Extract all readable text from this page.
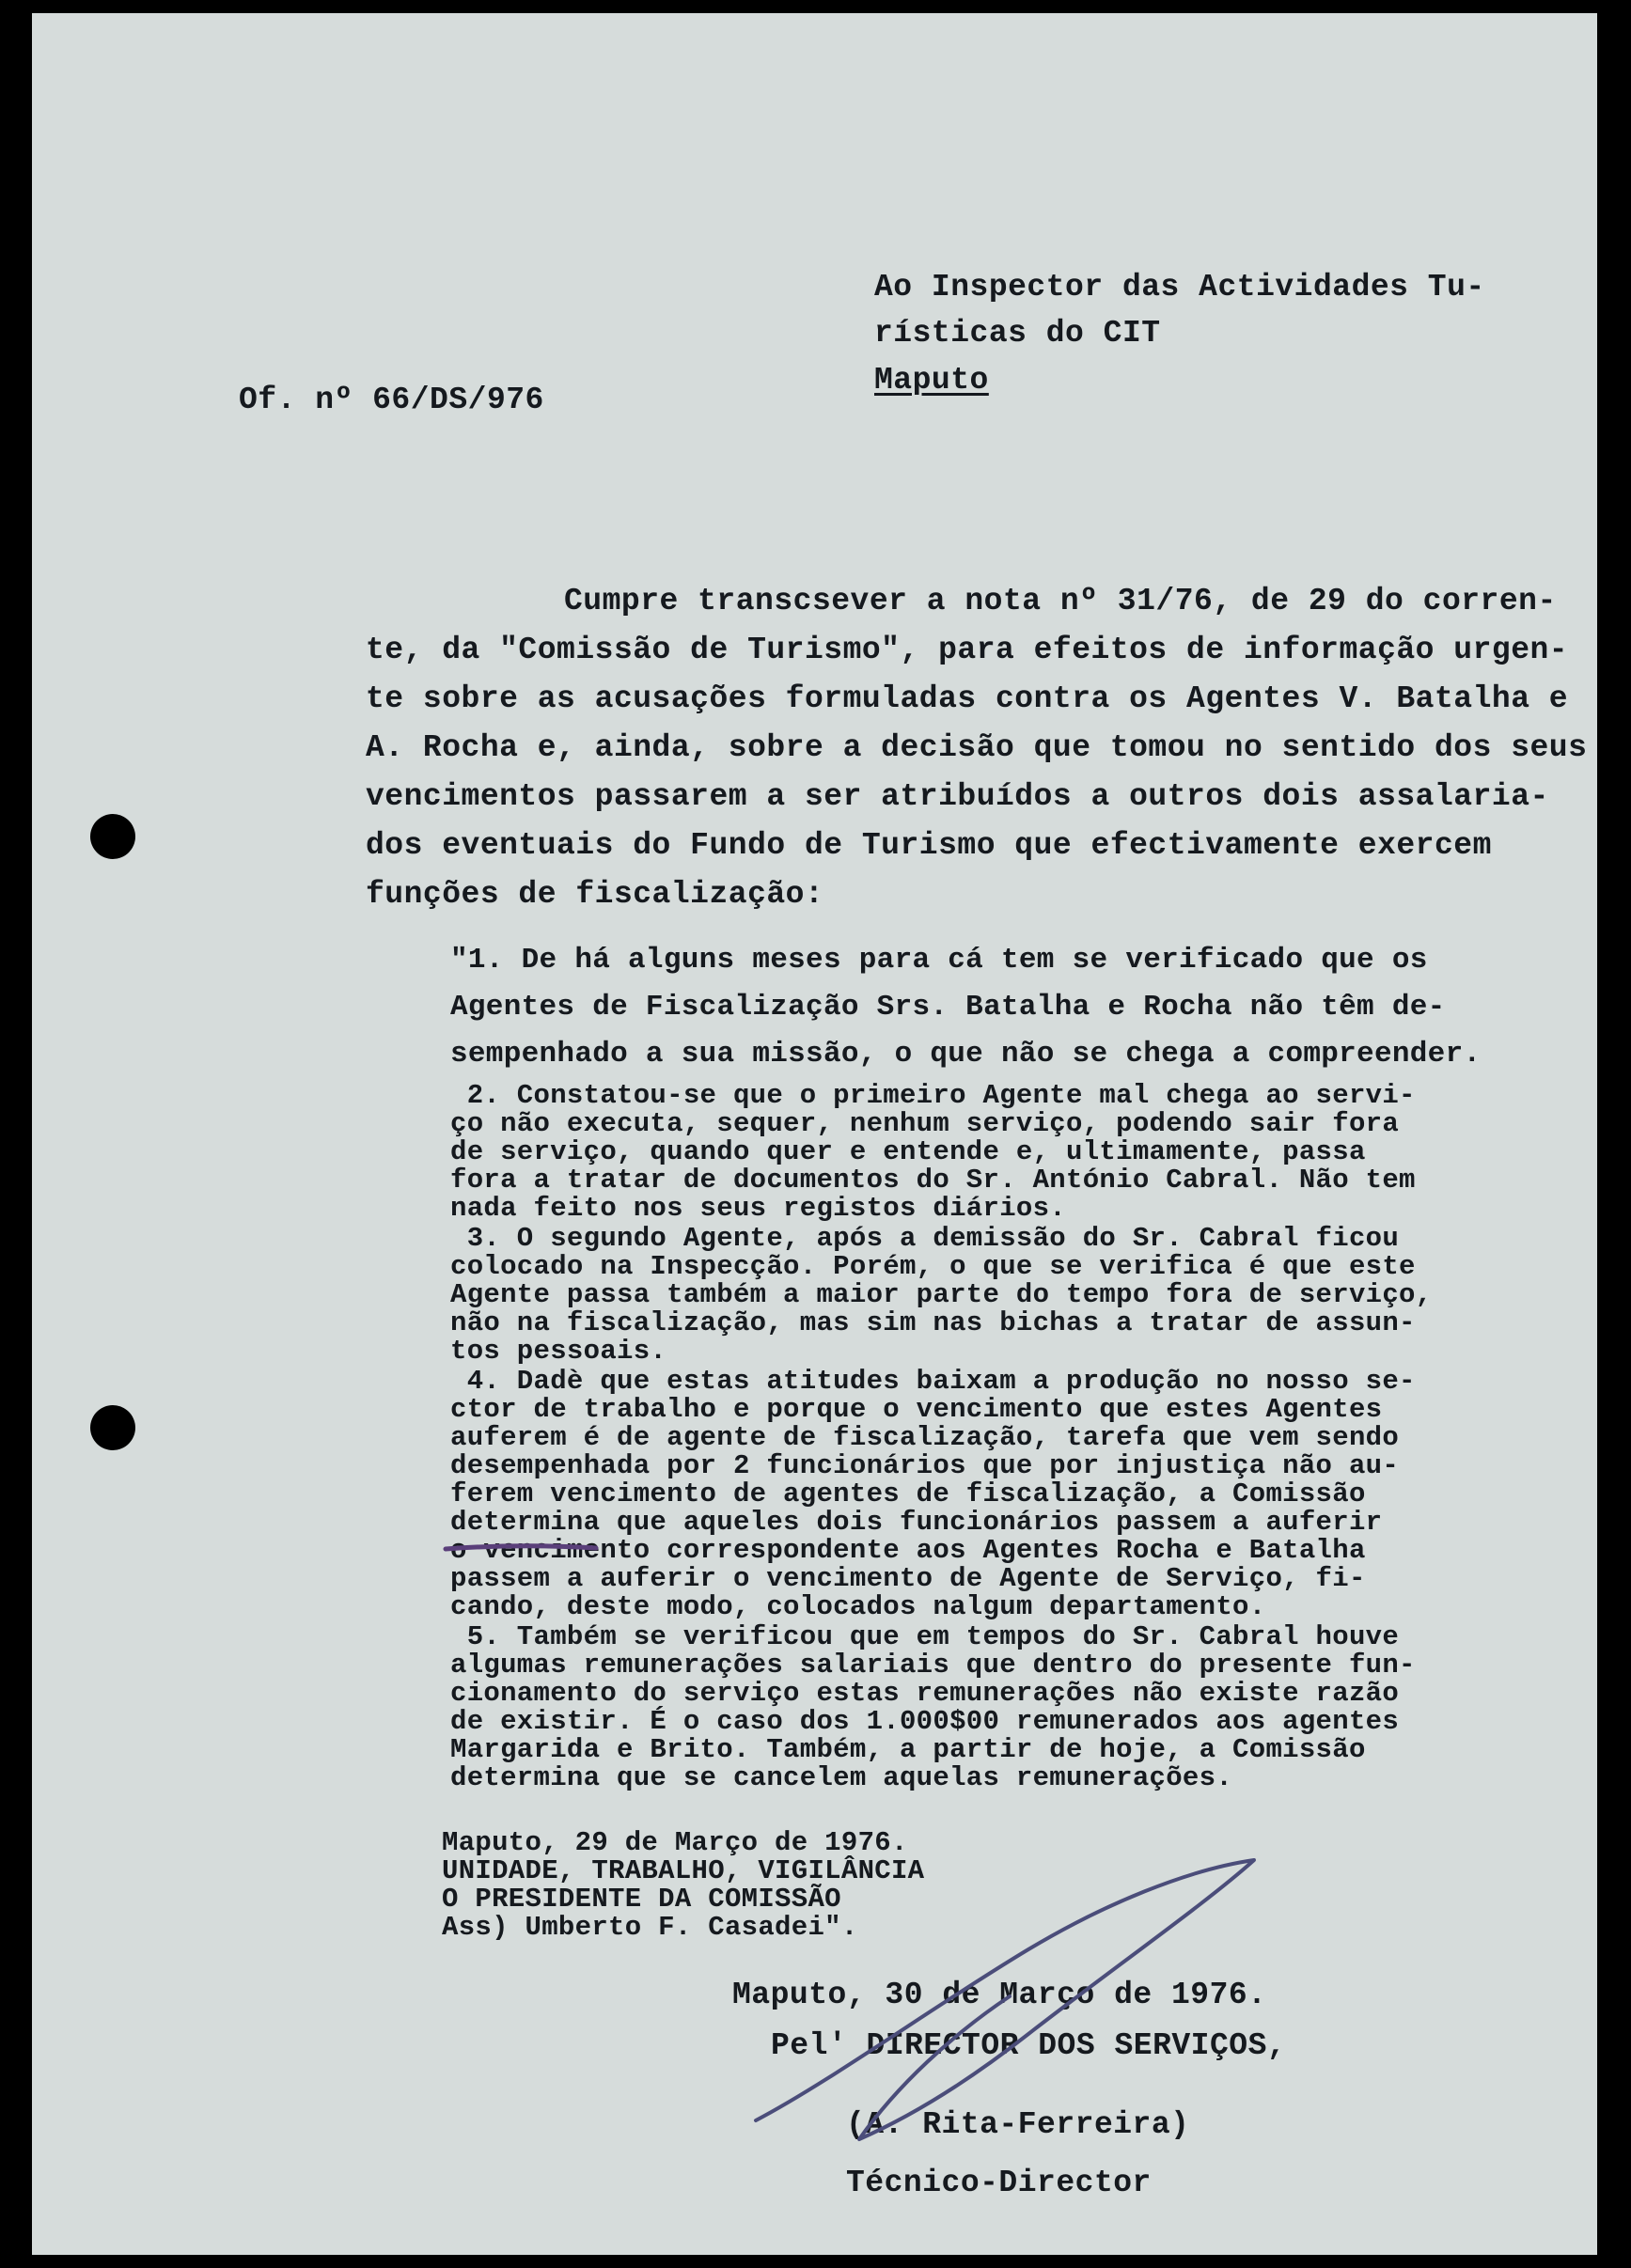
Ao Inspector das Actividades Tu-
rísticas do CIT
Maputo
Of. nº 66/DS/976
Cumpre transcsever a nota nº 31/76, de 29 do corren-
te, da "Comissão de Turismo", para efeitos de informação urgen-
te sobre as acusações formuladas contra os Agentes V. Batalha e
A. Rocha e, ainda, sobre a decisão que tomou no sentido dos seus
vencimentos passarem a ser atribuídos a outros dois assalaria-
dos eventuais do Fundo de Turismo que efectivamente exercem
funções de fiscalização:
"1. De há alguns meses para cá tem se verificado que os
Agentes de Fiscalização Srs. Batalha e Rocha não têm de-
sempenhado a sua missão, o que não se chega a compreender.
2. Constatou-se que o primeiro Agente mal chega ao servi-
ço não executa, sequer, nenhum serviço, podendo sair fora
de serviço, quando quer e entende e, ultimamente, passa
fora a tratar de documentos do Sr. António Cabral. Não tem
nada feito nos seus registos diários.
3. O segundo Agente, após a demissão do Sr. Cabral ficou
colocado na Inspecção. Porém, o que se verifica é que este
Agente passa também a maior parte do tempo fora de serviço,
não na fiscalização, mas sim nas bichas a tratar de assun-
tos pessoais.
4. Dadè que estas atitudes baixam a produção no nosso se-
ctor de trabalho e porque o vencimento que estes Agentes
auferem é de agente de fiscalização, tarefa que vem sendo
desempenhada por 2 funcionários que por injustiça não au-
ferem vencimento de agentes de fiscalização, a Comissão
determina que aqueles dois funcionários passem a auferir
o vencimento correspondente aos Agentes Rocha e Batalha
passem a auferir o vencimento de Agente de Serviço, fi-
cando, deste modo, colocados nalgum departamento.
5. Também se verificou que em tempos do Sr. Cabral houve
algumas remunerações salariais que dentro do presente fun-
cionamento do serviço estas remunerações não existe razão
de existir. É o caso dos 1.000$00 remunerados aos agentes
Margarida e Brito. Também, a partir de hoje, a Comissão
determina que se cancelem aquelas remunerações.
Maputo, 29 de Março de 1976.
UNIDADE, TRABALHO, VIGILÂNCIA
O PRESIDENTE DA COMISSÃO
Ass) Umberto F. Casadei".
Maputo, 30 de Março de 1976.
Pel' DIRECTOR DOS SERVIÇOS,
(A. Rita-Ferreira)
Técnico-Director
